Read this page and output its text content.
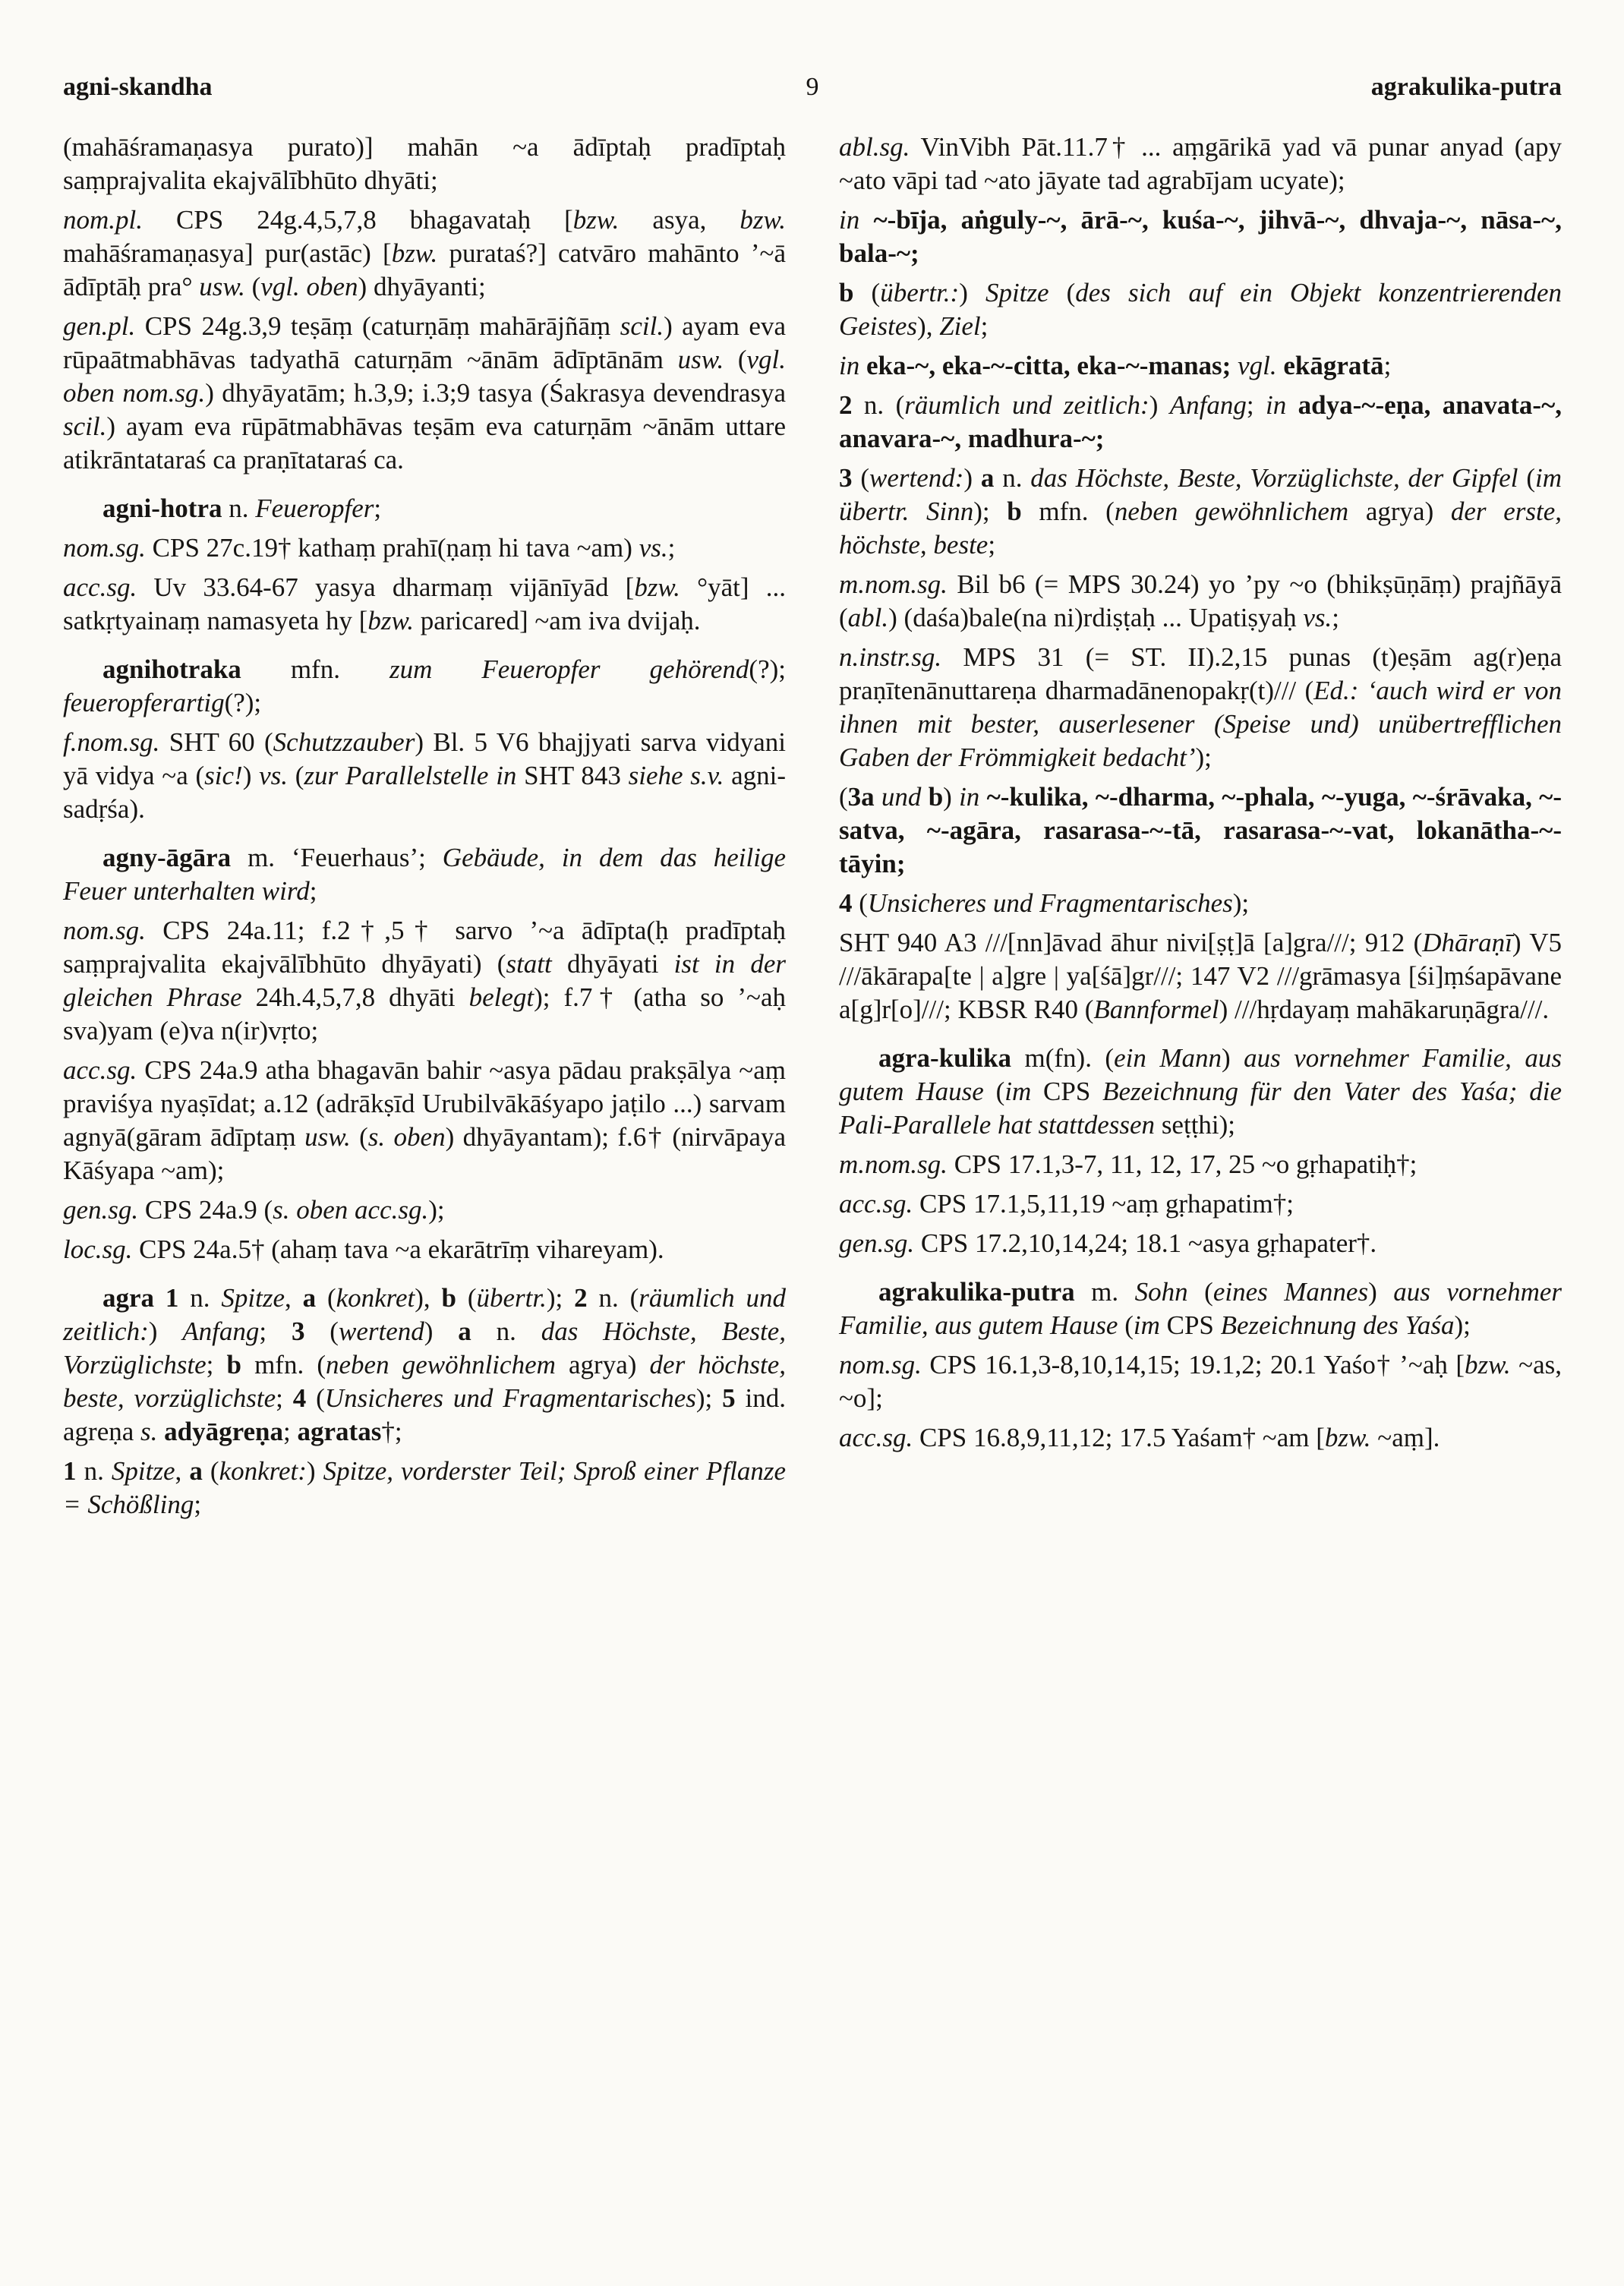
agni-skandha	9	agrakulika-putra

(mahāśramaṇasya purato)] mahān ~a ādīptaḥ pradīptaḥ saṃprajvalita ekajvālībhūto dhyāti;

nom.pl. CPS 24g.4,5,7,8 bhagavataḥ [bzw. asya, bzw. mahāśramaṇasya] pur(astāc) [bzw. purataś?] catvāro mahānto ’~ā ādīptāḥ pra° usw. (vgl. oben) dhyāyanti;

gen.pl. CPS 24g.3,9 teṣāṃ (caturṇāṃ mahārājñāṃ scil.) ayam eva rūpaātmabhāvas tadyathā caturṇām ~ānām ādīptānām usw. (vgl. oben nom.sg.) dhyāyatām; h.3,9; i.3;9 tasya (Śakrasya devendrasya scil.) ayam eva rūpātmabhāvas teṣām eva caturṇām ~ānām uttare atikrāntataraś ca praṇītataraś ca.

agni-hotra n. Feueropfer;

nom.sg. CPS 27c.19† kathaṃ prahī(ṇaṃ hi tava ~am) vs.;

acc.sg. Uv 33.64-67 yasya dharmaṃ vijānīyād [bzw. °yāt] ... satkṛtyainaṃ namasyeta hy [bzw. paricared] ~am iva dvijaḥ.

agnihotraka mfn. zum Feueropfer gehörend(?); feueropferartig(?);

f.nom.sg. SHT 60 (Schutzzauber) Bl. 5 V6 bhajjyati sarva vidyani yā vidya ~a (sic!) vs. (zur Parallelstelle in SHT 843 siehe s.v. agni-sadṛśa).

agny-āgāra m. ‘Feuerhaus’; Gebäude, in dem das heilige Feuer unterhalten wird;

nom.sg. CPS 24a.11; f.2†,5† sarvo ’~a ādīpta(ḥ pradīptaḥ saṃprajvalita ekajvālībhūto dhyāyati) (statt dhyāyati ist in der gleichen Phrase 24h.4,5,7,8 dhyāti belegt); f.7† (atha so ’~aḥ sva)yam (e)va n(ir)vṛto;

acc.sg. CPS 24a.9 atha bhagavān bahir ~asya pādau prakṣālya ~aṃ praviśya nyaṣīdat; a.12 (adrākṣīd Urubilvākāśyapo jaṭilo ...) sarvam agnyā(gāram ādīptaṃ usw. (s. oben) dhyāyantam); f.6† (nirvāpaya Kāśyapa ~am);

gen.sg. CPS 24a.9 (s. oben acc.sg.);

loc.sg. CPS 24a.5† (ahaṃ tava ~a ekarātrīṃ vihareyam).

agra 1 n. Spitze, a (konkret), b (übertr.); 2 n. (räumlich und zeitlich:) Anfang; 3 (wertend) a n. das Höchste, Beste, Vorzüglichste; b mfn. (neben gewöhnlichem agrya) der höchste, beste, vorzüglichste; 4 (Unsicheres und Fragmentarisches); 5 ind. agreṇa s. adyāgreṇa; agratas†;

1 n. Spitze, a (konkret:) Spitze, vorderster Teil; Sproß einer Pflanze = Schößling;

abl.sg. VinVibh Pāt.11.7† ... aṃgārikā yad vā punar anyad (apy ~ato vāpi tad ~ato jāyate tad agrabījam ucyate);

in ~-bīja, aṅguly-~, ārā-~, kuśa-~, jihvā-~, dhvaja-~, nāsa-~, bala-~;

b (übertr.:) Spitze (des sich auf ein Objekt konzentrierenden Geistes), Ziel;

in eka-~, eka-~-citta, eka-~-manas; vgl. ekāgratā;

2 n. (räumlich und zeitlich:) Anfang; in adya-~-eṇa, anavata-~, anavara-~, madhura-~;

3 (wertend:) a n. das Höchste, Beste, Vorzüglichste, der Gipfel (im übertr. Sinn); b mfn. (neben gewöhnlichem agrya) der erste, höchste, beste;

m.nom.sg. Bil b6 (= MPS 30.24) yo ’py ~o (bhikṣūṇāṃ) prajñāyā (abl.) (daśa)bale(na ni)rdiṣṭaḥ ... Upatiṣyaḥ vs.;

n.instr.sg. MPS 31 (= ST. II).2,15 punas (t)eṣām ag(r)eṇa praṇītenānuttareṇa dharmadānenopakṛ(t)/// (Ed.: ‘auch wird er von ihnen mit bester, auserlesener (Speise und) unübertrefflichen Gaben der Frömmigkeit bedacht’);

(3a und b) in ~-kulika, ~-dharma, ~-phala, ~-yuga, ~-śrāvaka, ~-satva, ~-agāra, rasarasa-~-tā, rasarasa-~-vat, lokanātha-~-tāyin;

4 (Unsicheres und Fragmentarisches);

SHT 940 A3 ///[nn]āvad āhur nivi[ṣṭ]ā [a]gra///; 912 (Dhāraṇī) V5 ///ākārapa[te | a]gre | ya[śā]gr///; 147 V2 ///grāmasya [śi]ṃśapāvane a[g]r[o]///; KBSR R40 (Bannformel) ///hṛdayaṃ mahākaruṇāgra///.

agra-kulika m(fn). (ein Mann) aus vornehmer Familie, aus gutem Hause (im CPS Bezeichnung für den Vater des Yaśa; die Pali-Parallele hat stattdessen seṭṭhi);

m.nom.sg. CPS 17.1,3-7, 11, 12, 17, 25 ~o gṛhapatiḥ†;

acc.sg. CPS 17.1,5,11,19 ~aṃ gṛhapatim†;

gen.sg. CPS 17.2,10,14,24; 18.1 ~asya gṛhapater†.

agrakulika-putra m. Sohn (eines Mannes) aus vornehmer Familie, aus gutem Hause (im CPS Bezeichnung des Yaśa);

nom.sg. CPS 16.1,3-8,10,14,15; 19.1,2; 20.1 Yaśo† ’~aḥ [bzw. ~as, ~o];

acc.sg. CPS 16.8,9,11,12; 17.5 Yaśam† ~am [bzw. ~aṃ].
